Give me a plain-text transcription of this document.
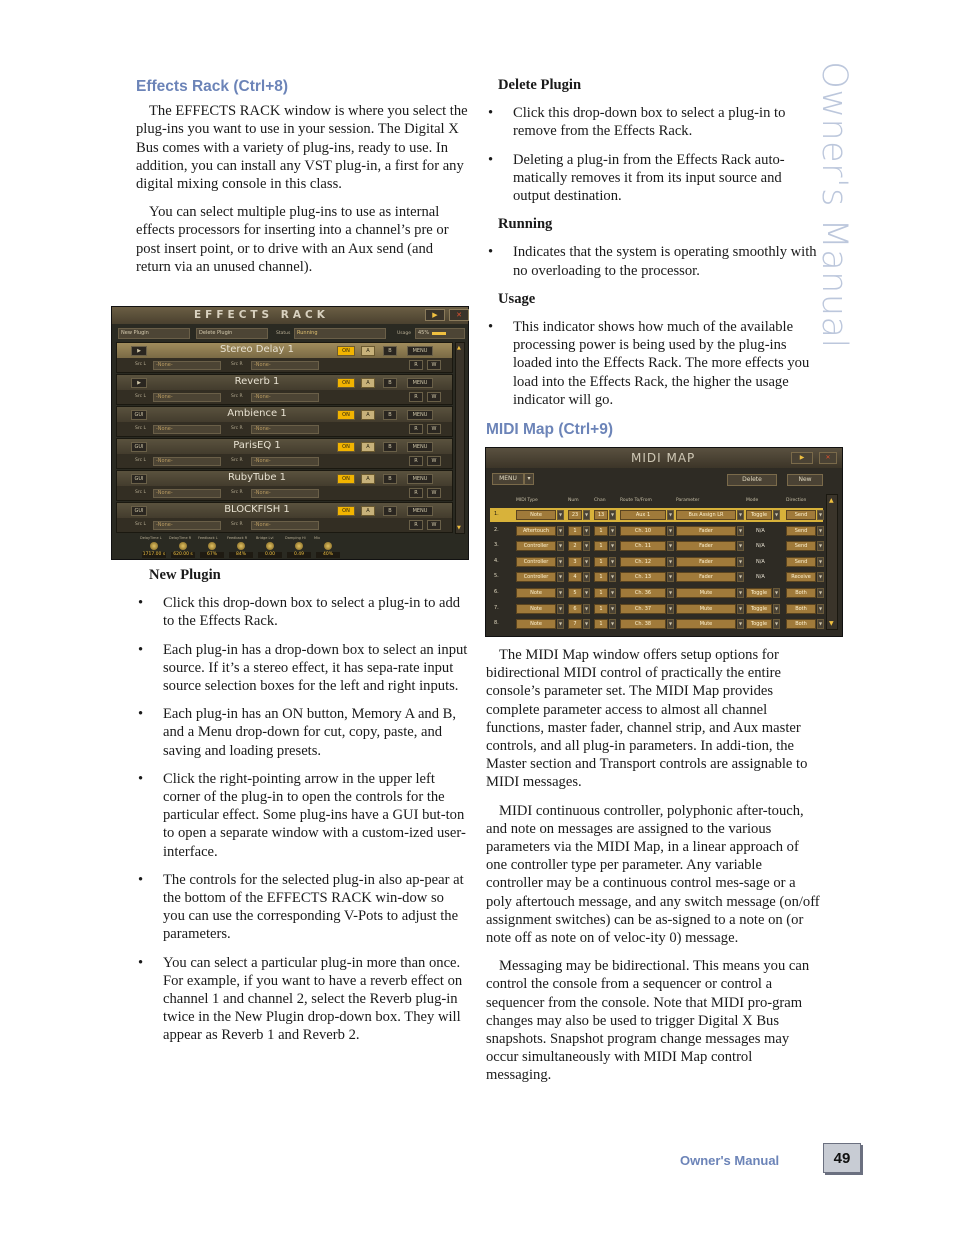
Owner's Manual
Effects Rack (Ctrl+8)

The EFFECTS RACK window is where you select the plug-ins you want to use in your session. The Digital X Bus comes with a variety of plug-ins, ready to use. In addition, you can install any VST plug-in, a first for any digital mixing console in this class.

You can select multiple plug-ins to use as internal effects processors for inserting into a channel’s pre or post insert point, or to drive with an Aux send (and return via an unused channel).

EFFECTS RACK	▶	✕
New Plugin	Delete Plugin	Status	Running	Usage	45%
▶	Stereo Delay 1	ON	A	B	MENU
Src L	-None-	Src R	-None-	R	W
▶	Reverb 1	ON	A	B	MENU
Src L	-None-	Src R	-None-	R	W
GUI	Ambience 1	ON	A	B	MENU
Src L	-None-	Src R	-None-	R	W
GUI	ParisEQ 1	ON	A	B	MENU
Src L	-None-	Src R	-None-	R	W
GUI	RubyTube 1	ON	A	B	MENU
Src L	-None-	Src R	-None-	R	W
GUI	BLOCKFISH 1	ON	A	B	MENU
Src L	-None-	Src R	-None-	R	W
▲
▼
DelayTime L
1717.00 s
DelayTime R
620.00 s
Feedback L
67%
Feedback R
84%
Bridge Lvl
0.00
Damping Hi
0.49
Mix
40%
New Plugin
• Click this drop-down box to select a plug-in to add to the Effects Rack.
• Each plug-in has a drop-down box to select an input source. If it’s a stereo effect, it has sepa-rate input source selection boxes for the left and right inputs.
• Each plug-in has an ON button, Memory A and B, and a Menu drop-down for cut, copy, paste, and saving and loading presets.
• Click the right-pointing arrow in the upper left corner of the plug-in to open the controls for the particular effect. Some plug-ins have a GUI but-ton to open a separate window with a custom-ized user-interface.
• The controls for the selected plug-in also ap-pear at the bottom of the EFFECTS RACK win-dow so you can use the corresponding V-Pots to adjust the parameters.
• You can select a particular plug-in more than once. For example, if you want to have a reverb effect on channel 1 and channel 2, select the Reverb plug-in twice in the New Plugin drop-down box. They will appear as Reverb 1 and Reverb 2.
Delete Plugin
• Click this drop-down box to select a plug-in to remove from the Effects Rack.
• Deleting a plug-in from the Effects Rack auto-matically removes it from its input source and output destination.
Running
• Indicates that the system is operating smoothly with no overloading to the processor.
Usage
• This indicator shows how much of the available processing power is being used by the plug-ins loaded into the Effects Rack. The more effects you load into the Effects Rack, the higher the usage indicator will go.
MIDI Map (Ctrl+9)
MIDI MAP	▶	✕
MENU	▾	Delete	New
MIDI Type	Num	Chan	Route To/From	Parameter	Mode	Direction
1.	Note	▼	23	▼	13	▼	Aux 1	▼	Bus Assign LR	▼	Toggle	▼	Send	▼
2.	Aftertouch	▼	1	▼	1	▼	Ch. 10	▼	Fader	▼	N/A	Send	▼
3.	Controller	▼	2	▼	1	▼	Ch. 11	▼	Fader	▼	N/A	Send	▼
4.	Controller	▼	3	▼	1	▼	Ch. 12	▼	Fader	▼	N/A	Send	▼
5.	Controller	▼	4	▼	1	▼	Ch. 13	▼	Fader	▼	N/A	Receive	▼
6.	Note	▼	5	▼	1	▼	Ch. 36	▼	Mute	▼	Toggle	▼	Both	▼
7.	Note	▼	6	▼	1	▼	Ch. 37	▼	Mute	▼	Toggle	▼	Both	▼
8.	Note	▼	7	▼	1	▼	Ch. 38	▼	Mute	▼	Toggle	▼	Both	▼
▲
▼

The MIDI Map window offers setup options for bidirectional MIDI control of practically the entire console’s parameter set. The MIDI Map provides complete parameter access to almost all channel functions, master fader, channel strip, and Aux master controls, and all plug-in parameters. In addi-tion, the Master section and Transport controls are assignable to MIDI messages.

MIDI continuous controller, polyphonic after-touch, and note on messages are assigned to the various parameters via the MIDI Map, in a linear approach of one controller type per parameter. Any variable controller may be a continuous control mes-sage or a poly aftertouch message, and any switch message (on/off assignment switches) can be as-signed to a note on (or note off as note on of veloc-ity 0) message.

Messaging may be bidirectional. This means you can control the console from a sequencer or control a sequencer from the console. Note that MIDI pro-gram changes may also be used to trigger Digital X Bus snapshots. Snapshot program change messages may occur simultaneously with MIDI Map control messaging.

Owner's Manual	49
